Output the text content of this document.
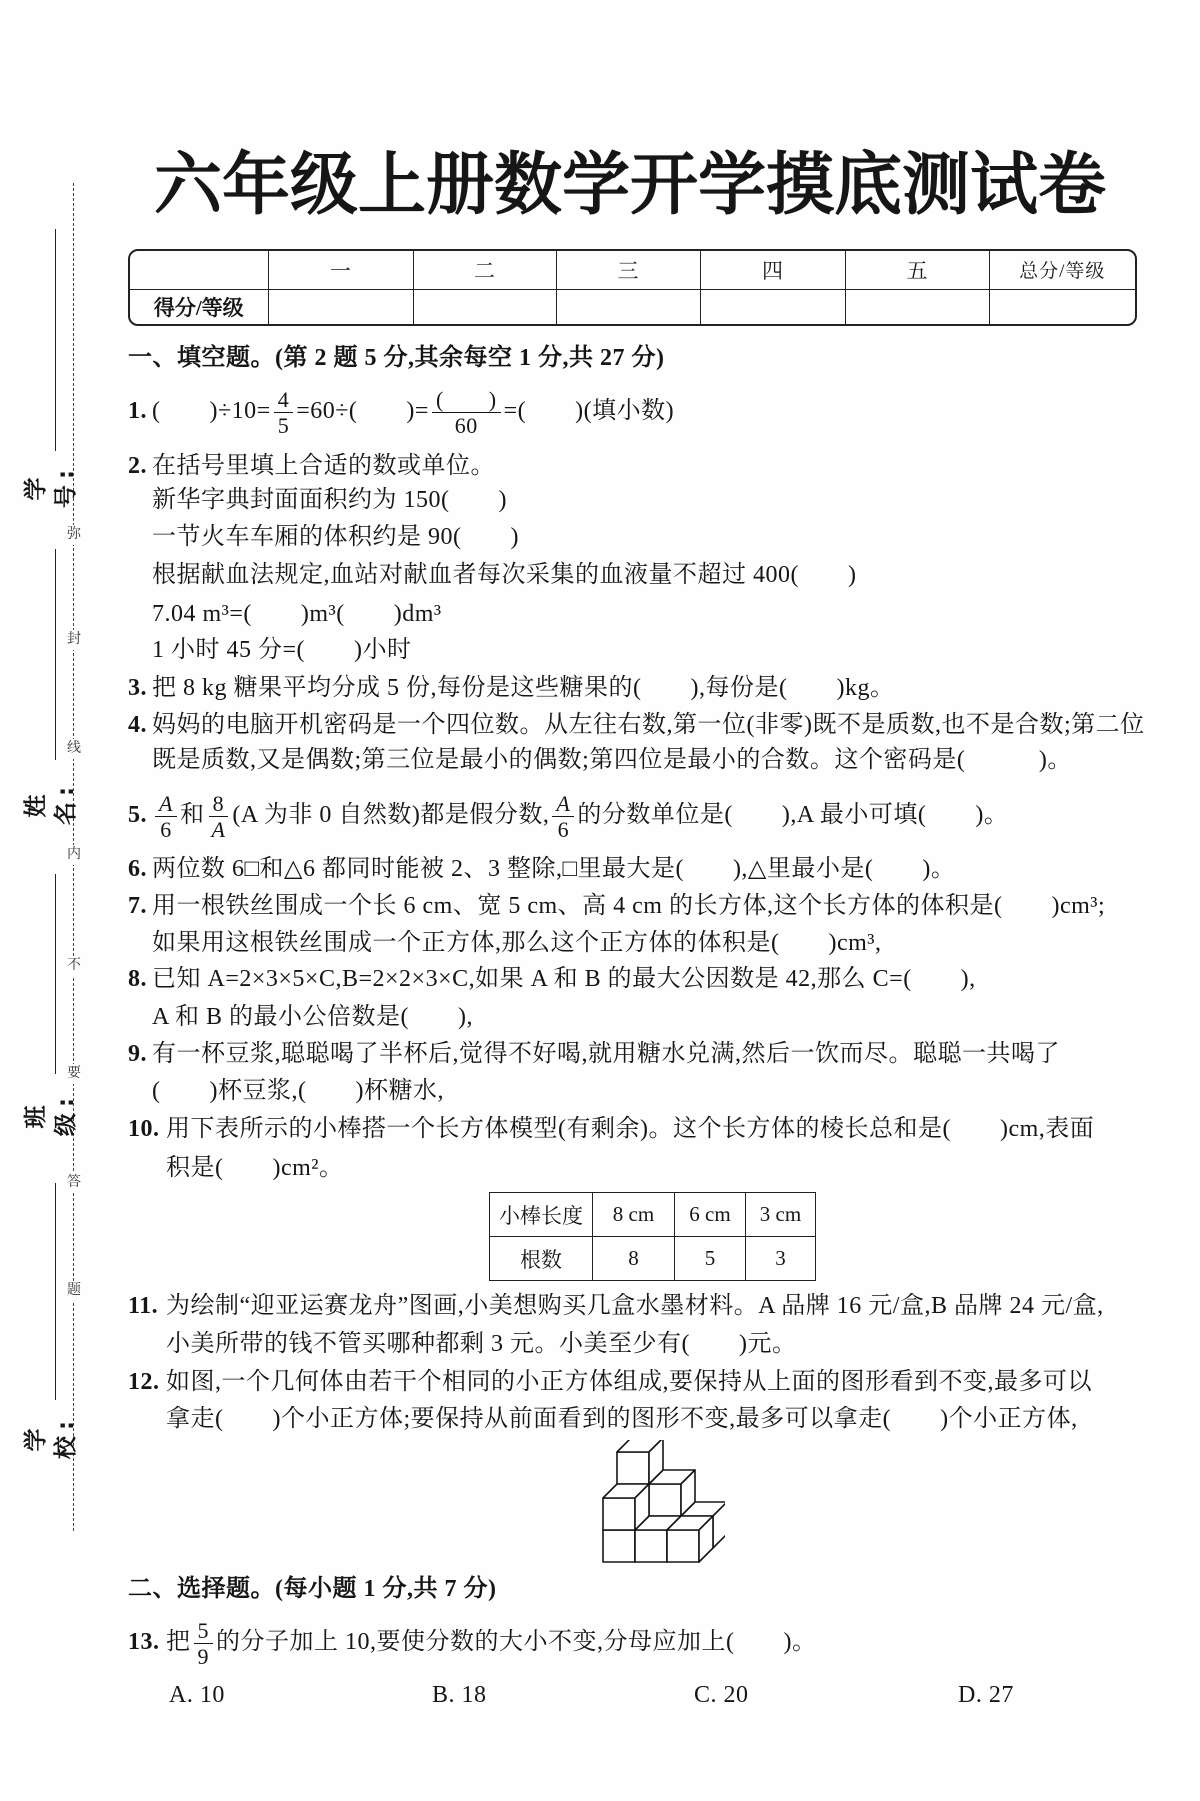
学号:
姓名:
班级:
学校:
弥
封
线
内
不
要
答
题
六年级上册数学开学摸底测试卷
	一	二	三	四	五	总分/等级
得分/等级						
一、填空题。(第 2 题 5 分,其余每空 1 分,共 27 分)
1. (　　)$\div 10= \frac{4}{5} =60\div$(　　)= $\frac{( )}{60}$ =(　　)(填小数)
2. 在括号里填上合适的数或单位。
新华字典封面面积约为 150(　　)
一节火车车厢的体积约是 90(　　)
根据献血法规定,血站对献血者每次采集的血液量不超过 400(　　)
7.04 m³=(　　)m³(　　)dm³
1 小时 45 分=(　　)小时
3. 把 8 kg 糖果平均分成 5 份,每份是这些糖果的(　　),每份是(　　)kg。
4. 妈妈的电脑开机密码是一个四位数。从左往右数,第一位(非零)既不是质数,也不是合数;第二位
既是质数,又是偶数;第三位是最小的偶数;第四位是最小的合数。这个密码是(　　　)。
5. $\frac{A}{6}$ 和 $\frac{8}{A} (A$ 为非 0 自然数)都是假分数, $\frac{A}{6}$ 的分数单位是(　　),A 最小可填(　　)。
6. 两位数 6□和△6 都同时能被 2、3 整除,□里最大是(　　),△里最小是(　　)。
7. 用一根铁丝围成一个长 6 cm、宽 5 cm、高 4 cm 的长方体,这个长方体的体积是(　　)cm³;
如果用这根铁丝围成一个正方体,那么这个正方体的体积是(　　)cm³,
8. 已知 A=2×3×5×C,B=2×2×3×C,如果 A 和 B 的最大公因数是 42,那么 C=(　　),
A 和 B 的最小公倍数是(　　),
9. 有一杯豆浆,聪聪喝了半杯后,觉得不好喝,就用糖水兑满,然后一饮而尽。聪聪一共喝了
(　　)杯豆浆,(　　)杯糖水,
10. 用下表所示的小棒搭一个长方体模型(有剩余)。这个长方体的棱长总和是(　　)cm,表面
积是(　　)cm²。
小棒长度	8 cm	6 cm	3 cm
根数	8	5	3
11. 为绘制“迎亚运赛龙舟”图画,小美想购买几盒水墨材料。A 品牌 16 元/盒,B 品牌 24 元/盒,
小美所带的钱不管买哪种都剩 3 元。小美至少有(　　)元。
12. 如图,一个几何体由若干个相同的小正方体组成,要保持从上面的图形看到不变,最多可以
拿走(　　)个小正方体;要保持从前面看到的图形不变,最多可以拿走(　　)个小正方体,
二、选择题。(每小题 1 分,共 7 分)
13. 把 $\frac{5}{9}$ 的分子加上 10,要使分数的大小不变,分母应加上(　　)。
A. 10	B. 18	C. 20	D. 27
